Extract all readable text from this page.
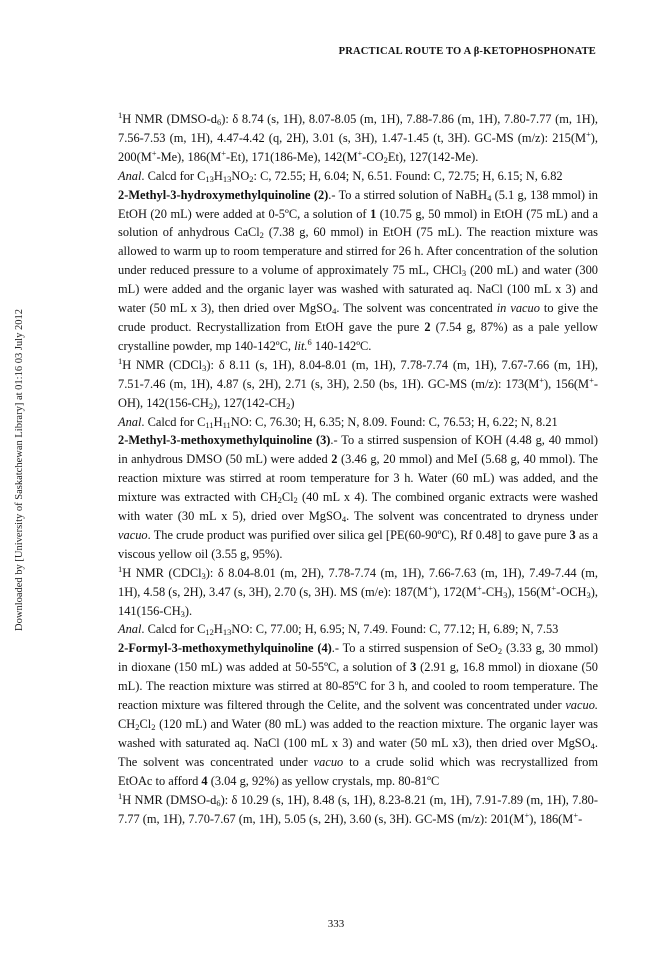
PRACTICAL ROUTE TO A β-KETOPHOSPHONATE
Downloaded by [University of Saskatchewan Library] at 01:16 03 July 2012

$^1$H NMR $(DMSO-d_6)$: δ 8.74 (s, 1H), 8.07-8.05 (m, 1H), 7.88-7.86 (m, 1H), 7.80-7.77 (m, 1H), 7.56-7.53 (m, 1H), 4.47-4.42 (q, 2H), 3.01 (s, 3H), 1.47-1.45 (t, 3H). GC-MS (m/z): 215(M+), 200(M+-Me), 186(M+-Et), 171(186-Me), $142(M^+-CO_2Et)$, 127(142-Me).

Anal. Calcd for $C_{13}H_{13}NO_2$: C, 72.55; H, 6.04; N, 6.51. Found: C, 72.75; H, 6.15; N, 6.82

2-Methyl-3-hydroxymethylquinoline (2).- To a stirred solution of NaBH$_4$ (5.1 g, 138 mmol) in EtOH (20 mL) were added at 0-5ºC, a solution of 1 (10.75 g, 50 mmol) in EtOH (75 mL) and a solution of anhydrous CaCl$_2$ (7.38 g, 60 mmol) in EtOH (75 mL). The reaction mixture was allowed to warm up to room temperature and stirred for 26 h. After concentration of the solution under reduced pressure to a volume of approximately 75 mL, CHCl$_3$ (200 mL) and water (300 mL) were added and the organic layer was washed with saturated aq. NaCl (100 mL x 3) and water (50 mL x 3), then dried over MgSO$_4$. The solvent was concentrated in vacuo to give the crude product. Recrystallization from EtOH gave the pure 2 (7.54 g, 87%) as a pale yellow crystalline powder, mp 140-142ºC, lit.$^6$ 140-142ºC.

$^1$H NMR (CDCl$_3$): δ 8.11 (s, 1H), 8.04-8.01 (m, 1H), 7.78-7.74 (m, 1H), 7.67-7.66 (m, 1H), 7.51-7.46 (m, 1H), 4.87 (s, 2H), 2.71 (s, 3H), 2.50 (bs, 1H). GC-MS (m/z): 173(M+), 156(M+-OH), $142(156-CH_2)$, $127(142-CH_2)$

Anal. Calcd for $C_{11}H_{11}NO$: C, 76.30; H, 6.35; N, 8.09. Found: C, 76.53; H, 6.22; N, 8.21

2-Methyl-3-methoxymethylquinoline (3).- To a stirred suspension of KOH (4.48 g, 40 mmol) in anhydrous DMSO (50 mL) were added 2 (3.46 g, 20 mmol) and MeI (5.68 g, 40 mmol). The reaction mixture was stirred at room temperature for 3 h. Water (60 mL) was added, and the mixture was extracted with $CH_2Cl_2$ (40 mL x 4). The combined organic extracts were washed with water (30 mL x 5), dried over MgSO$_4$. The solvent was concentrated to dryness under vacuo. The crude product was purified over silica gel [PE(60-90ºC), Rf 0.48] to gave pure 3 as a viscous yellow oil (3.55 g, 95%).

$^1$H NMR (CDCl$_3$): δ 8.04-8.01 (m, 2H), 7.78-7.74 (m, 1H), 7.66-7.63 (m, 1H), 7.49-7.44 (m, 1H), 4.58 (s, 2H), 3.47 (s, 3H), 2.70 (s, 3H). MS (m/e): 187(M+), $172(M^+-CH_3)$, $156(M^+-OCH_3)$, $141(156-CH_3)$.

Anal. Calcd for $C_{12}H_{13}NO$: C, 77.00; H, 6.95; N, 7.49. Found: C, 77.12; H, 6.89; N, 7.53

2-Formyl-3-methoxymethylquinoline (4).- To a stirred suspension of SeO$_2$ (3.33 g, 30 mmol) in dioxane (150 mL) was added at 50-55ºC, a solution of 3 (2.91 g, 16.8 mmol) in dioxane (50 mL). The reaction mixture was stirred at 80-85ºC for 3 h, and cooled to room temperature. The reaction mixture was filtered through the Celite, and the solvent was concentrated under vacuo. $CH_2Cl_2$ (120 mL) and Water (80 mL) was added to the reaction mixture. The organic layer was washed with saturated aq. NaCl (100 mL x 3) and water (50 mL x3), then dried over MgSO$_4$. The solvent was concentrated under vacuo to a crude solid which was recrystallized from EtOAc to afford 4 (3.04 g, 92%) as yellow crystals, mp. 80-81ºC

$^1$H NMR $(DMSO-d_6)$: δ 10.29 (s, 1H), 8.48 (s, 1H), 8.23-8.21 (m, 1H), 7.91-7.89 (m, 1H), 7.80-7.77 (m, 1H), 7.70-7.67 (m, 1H), 5.05 (s, 2H), 3.60 (s, 3H). GC-MS (m/z): 201(M+), 186(M+-

333
